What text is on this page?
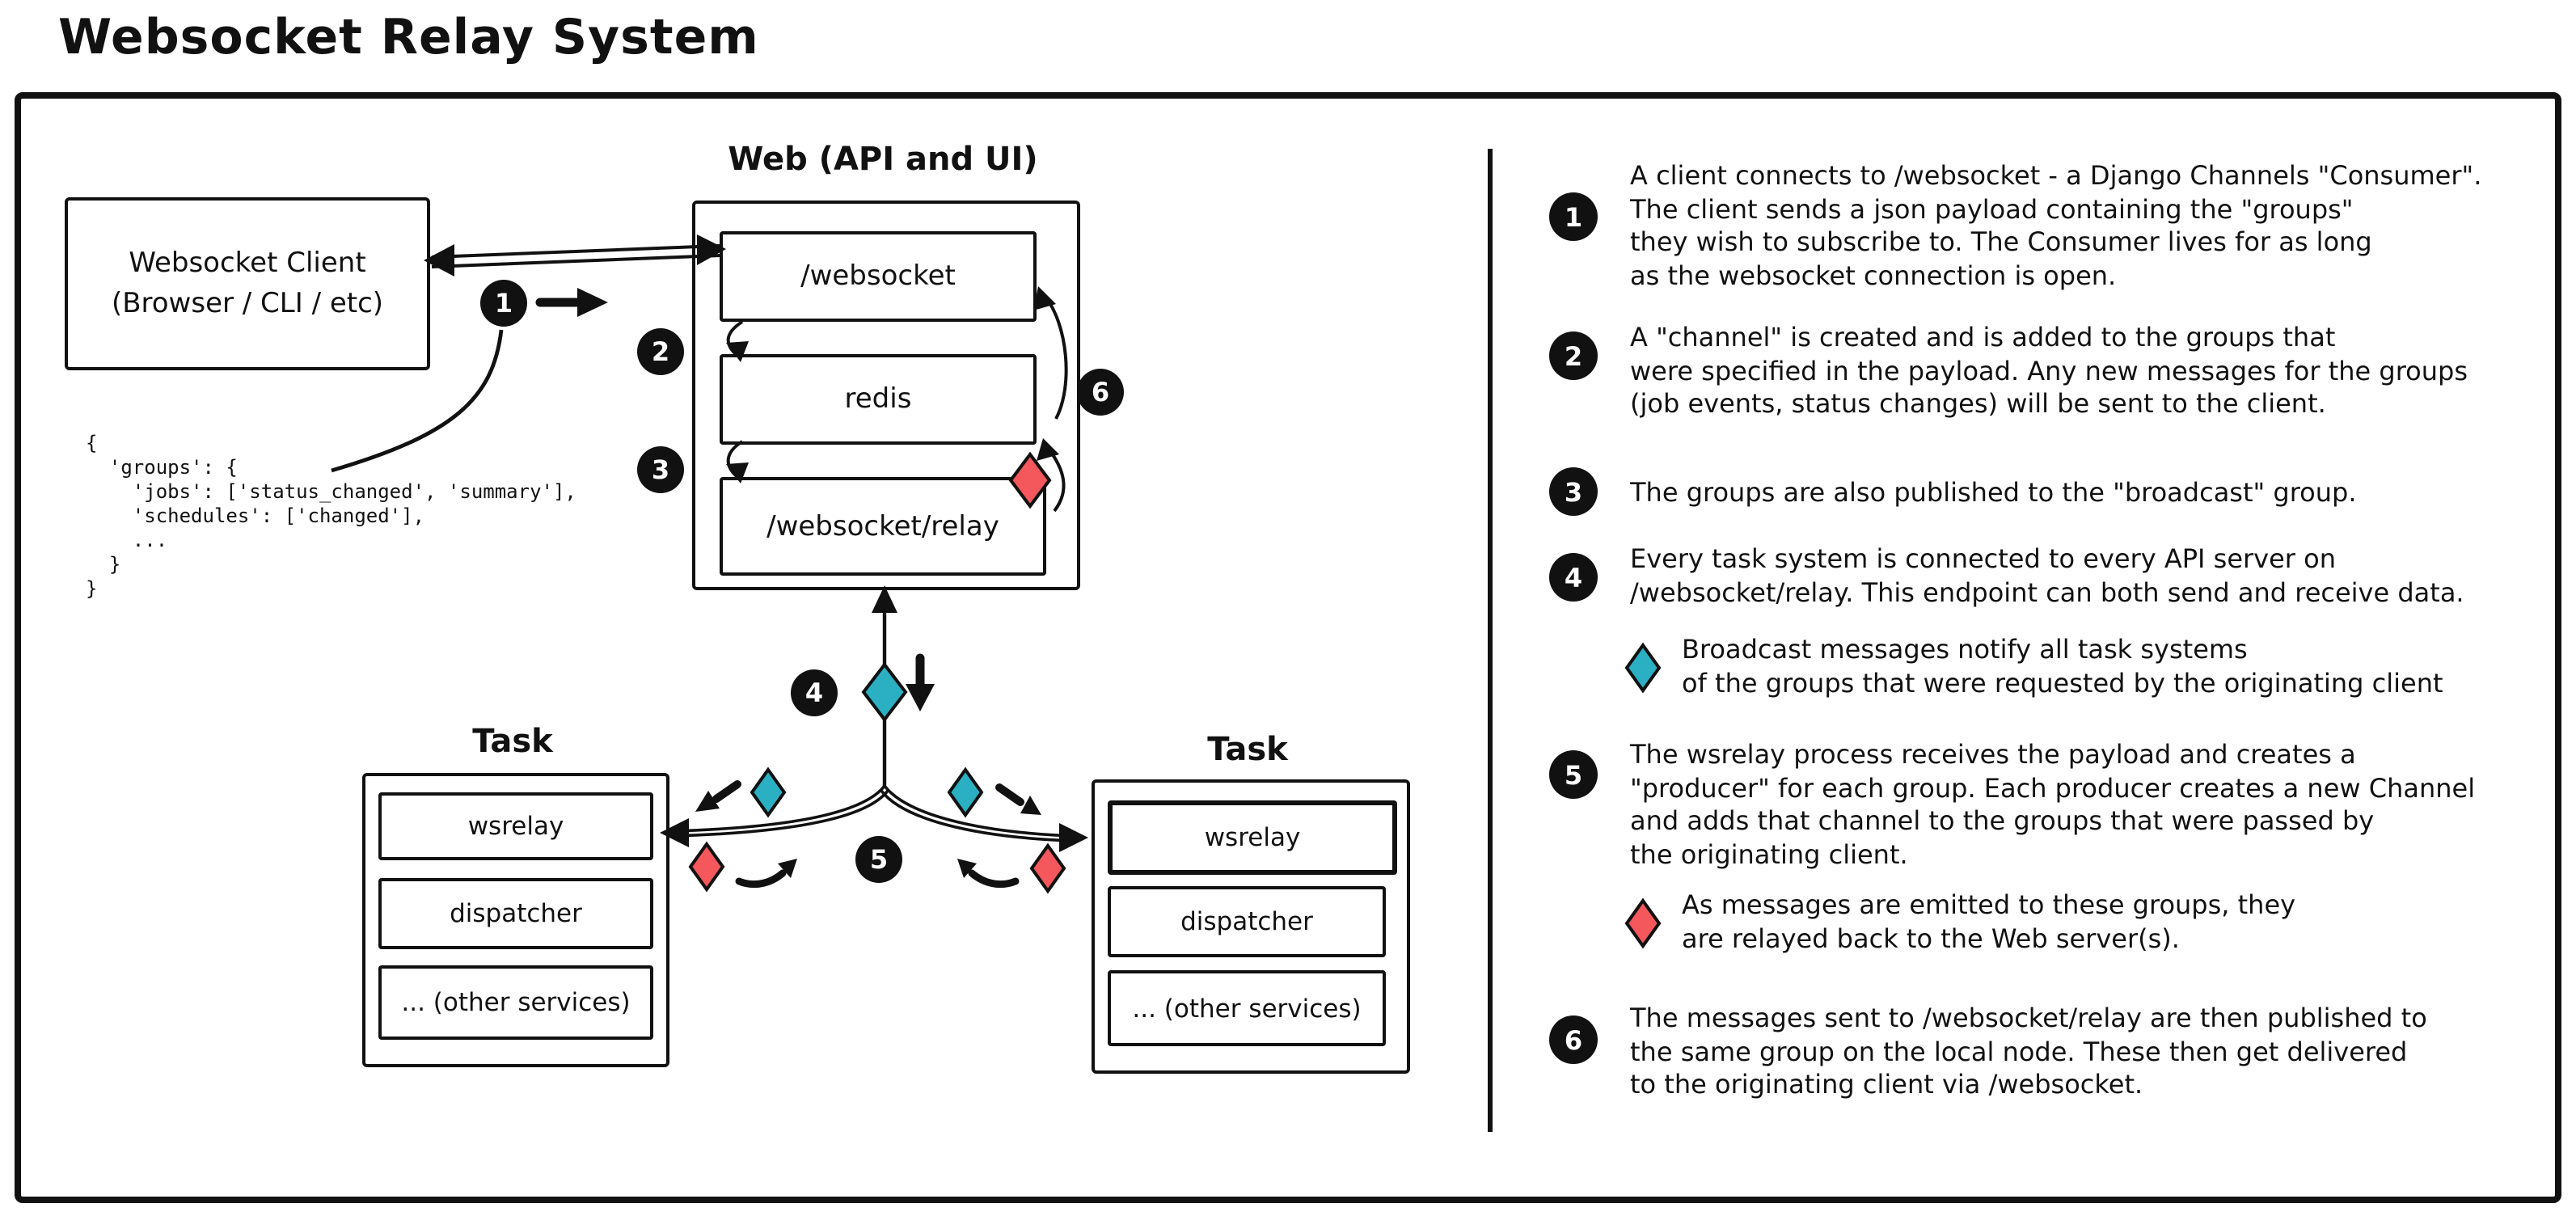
Websocket Relay System
Websocket Client
(Browser / CLI / etc)
{
'groups': {
'jobs': ['status_changed', 'summary'],
'schedules': ['changed'],
...
}
}
Web (API and UI)
/websocket
redis
/websocket/relay
Task
wsrelay
dispatcher
... (other services)
Task
wsrelay
dispatcher
... (other services)
1
2
3
4
5
6
1
A client connects to /websocket - a Django Channels "Consumer".
The client sends a json payload containing the "groups"
they wish to subscribe to. The Consumer lives for as long
as the websocket connection is open.
2
A "channel" is created and is added to the groups that
were specified in the payload. Any new messages for the groups
(job events, status changes) will be sent to the client.
3	The groups are also published to the "broadcast" group.
4
Every task system is connected to every API server on
/websocket/relay. This endpoint can both send and receive data.
Broadcast messages notify all task systems
of the groups that were requested by the originating client
5
The wsrelay process receives the payload and creates a
"producer" for each group. Each producer creates a new Channel
and adds that channel to the groups that were passed by
the originating client.
As messages are emitted to these groups, they
are relayed back to the Web server(s).
6
The messages sent to /websocket/relay are then published to
the same group on the local node. These then get delivered
to the originating client via /websocket.
